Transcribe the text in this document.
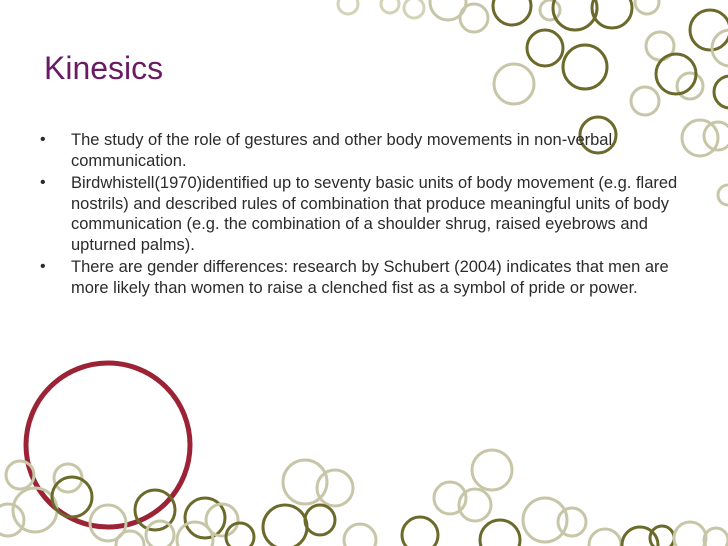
Kinesics
• The study of the role of gestures and other body movements in non-verbal communication.
• Birdwhistell(1970)identified up to seventy basic units of body movement (e.g. flared nostrils) and described rules of combination that produce meaningful units of body communication (e.g. the combination of a shoulder shrug, raised eyebrows and upturned palms).
• There are gender differences: research by Schubert (2004) indicates that men are more likely than women to raise a clenched fist as a symbol of pride or power.
